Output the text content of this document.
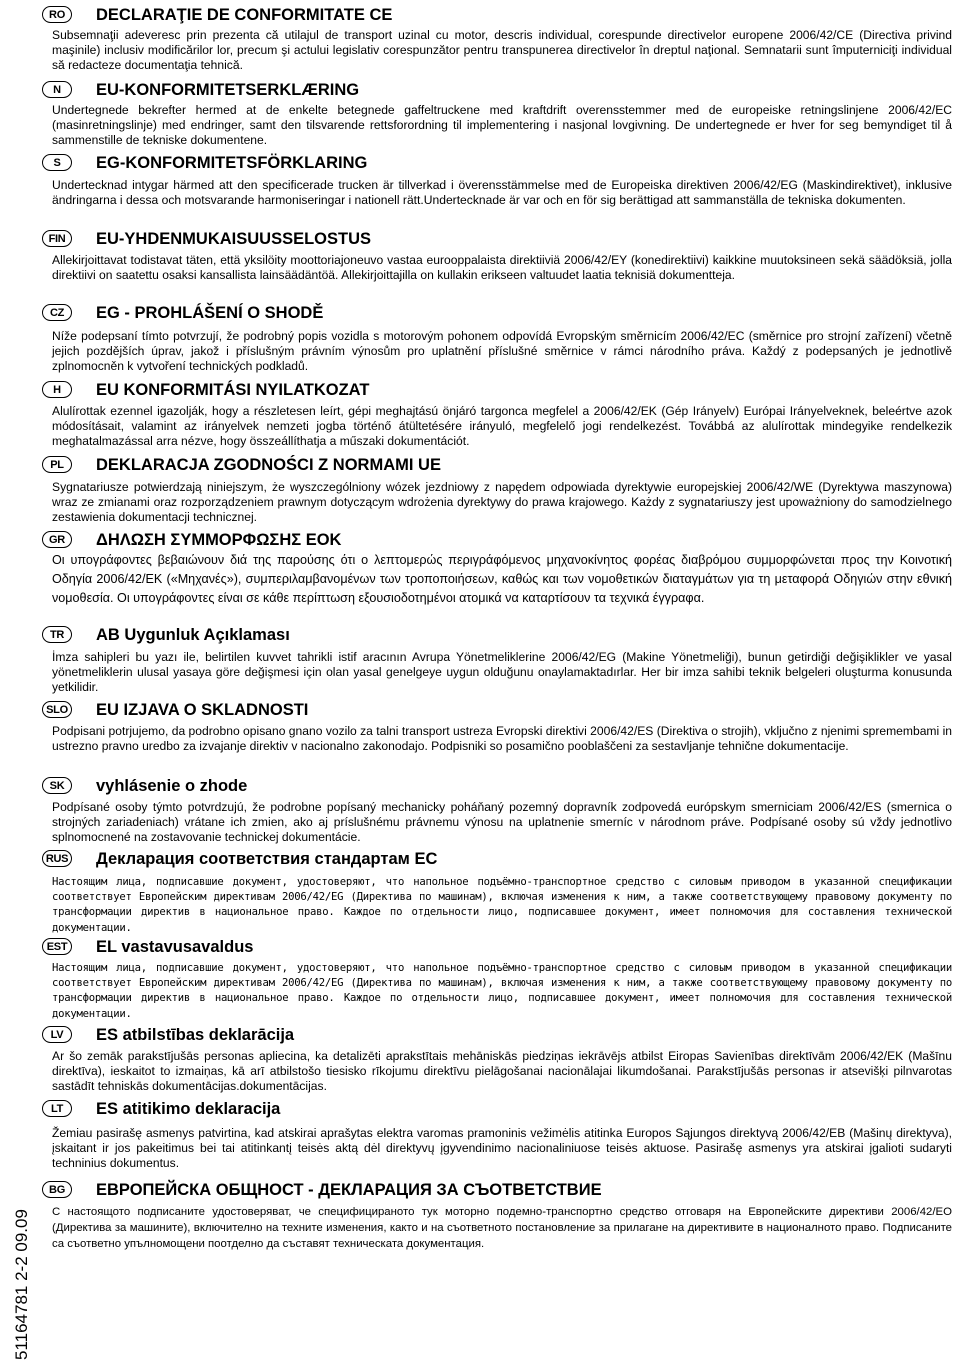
RO	DECLARAŢIE DE CONFORMITATE CE
Subsemnaţii adeveresc prin prezenta că utilajul de transport uzinal cu motor, descris individual, corespunde directivelor europene 2006/42/CE (Directiva privind maşinile) inclusiv modificărilor lor, precum şi actului legislativ corespunzător pentru transpunerea directivelor în dreptul naţional. Semnatarii sunt împuterniciţi individual să redacteze documentaţia tehnică.
N	EU-KONFORMITETSERKLÆRING
Undertegnede bekrefter hermed at de enkelte betegnede gaffeltruckene med kraftdrift overensstemmer med de europeiske retningslinjene 2006/42/EC (masinretningslinje) med endringer, samt den tilsvarende rettsforordning til implementering i nasjonal lovgivning. De undertegnede er hver for seg bemyndiget til å sammenstille de tekniske dokumentene.
S	EG-KONFORMITETSFÖRKLARING
Undertecknad intygar härmed att den specificerade trucken är tillverkad i överensstämmelse med de Europeiska direktiven 2006/42/EG (Maskindirektivet), inklusive ändringarna i dessa och motsvarande harmoniseringar i nationell rätt.Undertecknade är var och en för sig berättigad att sammanställa de tekniska dokumenten.
FIN	EU-YHDENMUKAISUUSSELOSTUS
Allekirjoittavat todistavat täten, että yksilöity moottoriajoneuvo vastaa eurooppalaista direktiiviä 2006/42/EY (konedirektiivi) kaikkine muutoksineen sekä säädöksiä, jolla direktiivi on saatettu osaksi kansallista lainsäädäntöä. Allekirjoittajilla on kullakin erikseen valtuudet laatia teknisiä dokumentteja.
CZ	EG - PROHLÁŠENÍ O SHODĚ
Níže podepsaní tímto potvrzují, že podrobný popis vozidla s motorovým pohonem odpovídá Evropským směrnicím 2006/42/EC (směrnice pro strojní zařízení) včetně jejich pozdějších úprav, jakož i příslušným právním výnosům pro uplatnění příslušné směrnice v rámci národního práva. Každý z podepsaných je jednotlivě zplnomocněn k vytvoření technických podkladů.
H	EU KONFORMITÁSI NYILATKOZAT
Alulírottak ezennel igazolják, hogy a részletesen leírt, gépi meghajtású önjáró targonca megfelel a 2006/42/EK (Gép Irányelv) Európai Irányelveknek, beleértve azok módosításait, valamint az irányelvek nemzeti jogba történő átültetésére irányuló, megfelelő jogi rendelkezést. Továbbá az alulírottak mindegyike rendelkezik meghatalmazással arra nézve, hogy összeállíthatja a műszaki dokumentációt.
PL	DEKLARACJA ZGODNOŚCI Z NORMAMI UE
Sygnatariusze potwierdzają niniejszym, że wyszczególniony wózek jezdniowy z napędem odpowiada dyrektywie europejskiej 2006/42/WE (Dyrektywa maszynowa) wraz ze zmianami oraz rozporządzeniem prawnym dotyczącym wdrożenia dyrektywy do prawa krajowego. Każdy z sygnatariuszy jest upoważniony do samodzielnego zestawienia dokumentacji technicznej.
GR	ΔΗΛΩΣΗ ΣΥΜΜΟΡΦΩΣΗΣ ΕΟΚ
Οι υπογράφοντες βεβαιώνουν διά της παρούσης ότι ο λεπτομερώς περιγράφόμενος μηχανοκίνητος φορέας διαβρόμου συμμορφώνεται προς την Κοινοτική Οδηγία 2006/42/ΕΚ («Μηχανές»), συμπεριλαμβανομένων των τροποποιήσεων, καθώς και των νομοθετικών διαταγμάτων για τη μεταφορά Οδηγιών στην εθνική νομοθεσία. Οι υπογράφοντες είναι σε κάθε περίπτωση εξουσιοδοτημένοι ατομικά να καταρτίσουν τα τεχνικά έγγραφα.
TR	AB Uygunluk Açıklaması
İmza sahipleri bu yazı ile, belirtilen kuvvet tahrikli istif aracının Avrupa Yönetmeliklerine 2006/42/EG (Makine Yönetmeliği), bunun getirdiği değişiklikler ve yasal yönetmeliklerin ulusal yasaya göre değişmesi için olan yasal genelgeye uygun olduğunu onaylamaktadırlar. Her bir imza sahibi teknik belgeleri oluşturma konusunda yetkilidir.
SLO EU IZJAVA O SKLADNOSTI
Podpisani potrjujemo, da podrobno opisano gnano vozilo za talni transport ustreza Evropski direktivi 2006/42/ES (Direktiva o strojih), vključno z njenimi spremembami in ustrezno pravno uredbo za izvajanje direktiv v nacionalno zakonodajo. Podpisniki so posamično pooblaščeni za sestavljanje tehnične dokumentacije.
SK	vyhlásenie o zhode
Podpísané osoby týmto potvrdzujú, že podrobne popísaný mechanicky poháňaný pozemný dopravník zodpovedá európskym smerniciam 2006/42/ES (smernica o strojných zariadeniach) vrátane ich zmien, ako aj príslušnému právnemu výnosu na uplatnenie smerníc v národnom práve. Podpísané osoby sú vždy jednotlivo splnomocnené na zostavovanie technickej dokumentácie.
RUS Декларация соответствия стандартам ЕС
Настоящим лица, подписавшие документ, удостоверяют, что напольное подъёмно-транспортное средство с силовым приводом в указанной спецификации соответствует Европейским директивам 2006/42/EG (Директива по машинам), включая изменения к ним, а также соответствующему правовому документу по трансформации директив в национальное право. Каждое по отдельности лицо, подписавшее документ, имеет полномочия для составления технической документации.
EST EL vastavusavaldus
Настоящим лица, подписавшие документ, удостоверяют, что напольное подъёмно-транспортное средство с силовым приводом в указанной спецификации соответствует Европейским директивам 2006/42/EG (Директива по машинам), включая изменения к ним, а также соответствующему правовому документу по трансформации директив в национальное право. Каждое по отдельности лицо, подписавшее документ, имеет полномочия для составления технической документации.
LV	ES atbilstības deklarācija
Ar šo zemāk parakstījušās personas apliecina, ka detalizēti aprakstītais mehāniskās piedziņas iekrāvējs atbilst Eiropas Savienības direktīvām 2006/42/EK (Mašīnu direktīva), ieskaitot to izmaiņas, kā arī atbilstošo tiesisko rīkojumu direktīvu pielāgošanai nacionālajai likumdošanai. Parakstījušās personas ir atsevišķi pilnvarotas sastādīt tehniskās dokumentācijas.dokumentācijas.
LT	ES atitikimo deklaracija
Žemiau pasirašę asmenys patvirtina, kad atskirai aprašytas elektra varomas pramoninis vežimėlis atitinka Europos Sąjungos direktyvą 2006/42/EB (Mašinų direktyva), įskaitant ir jos pakeitimus bei tai atitinkantį teisės aktą dėl direktyvų įgyvendinimo nacionaliniuose teisės aktuose. Pasirašę asmenys yra atskirai įgalioti sudaryti techninius dokumentus.
BG	ЕВРОПЕЙСКА ОБЩНОСТ - ДЕКЛАРАЦИЯ ЗА СЪОТВЕТСТВИЕ
С настоящото подписаните удостоверяват, че специфицираното тук моторно подемно-транспортно средство отговаря на Европейските директиви 2006/42/ЕО (Директива за машините), включително на техните изменения, както и на съответното постановление за прилагане на директивите в националното право. Подписаните са съответно упълномощени поотделно да съставят техническата документация.
51164781 2-2 09.09
